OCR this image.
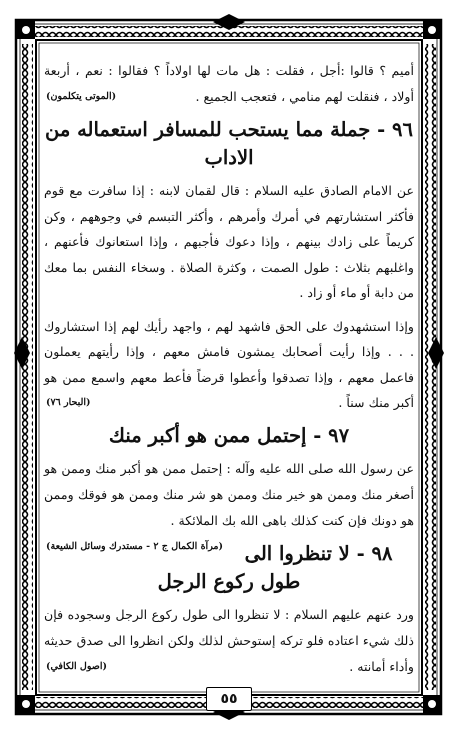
أميم ؟ قالوا :أجل ، فقلت : هل مات لها اولاداً ؟ فقالوا : نعم ، أربعة أولاد ، فنقلت لهم منامي ، فتعجب الجميع .
(الموتى يتكلمون)

٩٦ - جملة مما يستحب للمسافر استعماله من الاداب

عن الامام الصادق عليه السلام : قال لقمان لابنه : إذا سافرت مع قوم فأكثر استشارتهم في أمرك وأمرهم ، وأكثر التبسم في وجوههم ، وكن كريماً على زادك بينهم ، وإذا دعوك فأجبهم ، وإذا استعانوك فأعنهم ، واغلبهم بثلاث : طول الصمت ، وكثرة الصلاة . وسخاء النفس بما معك من دابة أو ماء أو زاد .

وإذا استشهدوك على الحق فاشهد لهم ، واجهد رأيك لهم إذا استشاروك . . . وإذا رأيت أصحابك يمشون فامش معهم ، وإذا رأيتهم يعملون فاعمل معهم ، وإذا تصدقوا وأعطوا قرضاً فأعط معهم واسمع ممن هو أكبر منك سناً .
(البحار ٧٦)

٩٧ - إحتمل ممن هو أكبر منك

عن رسول الله صلى الله عليه وآله : إحتمل ممن هو أكبر منك وممن هو أصغر منك وممن هو خير منك وممن هو شر منك وممن هو فوقك وممن هو دونك فإن كنت كذلك باهى الله بك الملائكة .
(مرآة الكمال ج ٢ - مستدرك وسائل الشيعة)	٩٨ - لا تنظروا الى طول ركوع الرجل

ورد عنهم عليهم السلام : لا تنظروا الى طول ركوع الرجل وسجوده فإن ذلك شيء اعتاده فلو تركه إستوحش لذلك ولكن انظروا الى صدق حديثه وأداء أمانته .
(اصول الكافي)

٥٥
